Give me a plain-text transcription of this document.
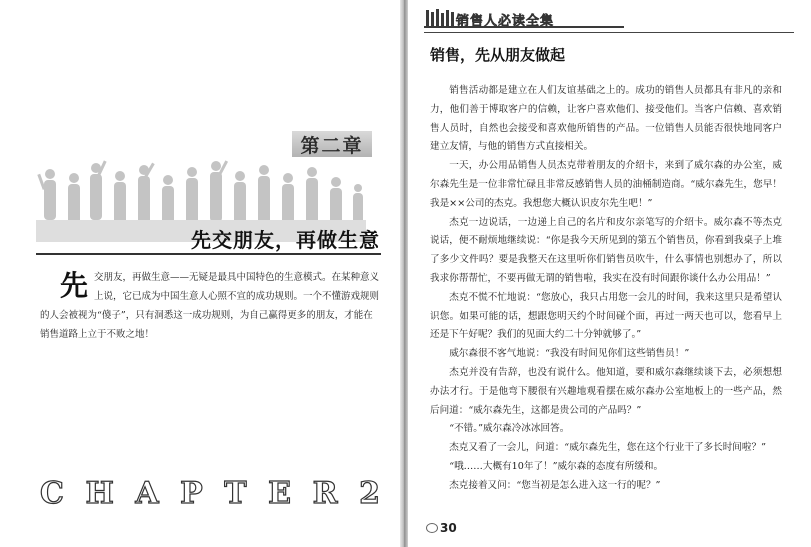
第二章
先交朋友，再做生意
先 交朋友，再做生意——无疑是最具中国特色的生意模式。在某种意义上说，它已成为中国生意人心照不宣的成功规则。一个不懂游戏规则的人会被视为“傻子”，只有洞悉这一成功规则，为自己赢得更多的朋友，才能在销售道路上立于不败之地！
C H A P T E R 2
销售人必读全集
销售，先从朋友做起

销售活动都是建立在人们友谊基础之上的。成功的销售人员都具有非凡的亲和力，他们善于博取客户的信赖，让客户喜欢他们、接受他们。当客户信赖、喜欢销售人员时，自然也会接受和喜欢他所销售的产品。一位销售人员能否很快地同客户建立友情，与他的销售方式直接相关。

一天，办公用品销售人员杰克带着朋友的介绍卡，来到了威尔森的办公室，威尔森先生是一位非常忙碌且非常反感销售人员的油桶制造商。“威尔森先生，您早！我是××公司的杰克。我想您大概认识皮尔先生吧！”

杰克一边说话，一边递上自己的名片和皮尔亲笔写的介绍卡。威尔森不等杰克说话，便不耐烦地继续说：“你是我今天所见到的第五个销售员，你看到我桌子上堆了多少文件吗？要是我整天在这里听你们销售员吹牛，什么事情也别想办了，所以我求你帮帮忙，不要再做无谓的销售啦，我实在没有时间跟你谈什么办公用品！”

杰克不慌不忙地说：“您放心，我只占用您一会儿的时间，我来这里只是希望认识您。如果可能的话，想跟您明天约个时间碰个面，再过一两天也可以，您看早上还是下午好呢？我们的见面大约二十分钟就够了。”

威尔森很不客气地说：“我没有时间见你们这些销售员！”

杰克并没有告辞，也没有说什么。他知道，要和威尔森继续谈下去，必须想想办法才行。于是他弯下腰很有兴趣地观看摆在威尔森办公室地板上的一些产品，然后问道：“威尔森先生，这都是贵公司的产品吗？”

“不错。”威尔森冷冰冰回答。

杰克又看了一会儿，问道：“威尔森先生，您在这个行业干了多长时间啦？”

“哦……大概有10年了！”威尔森的态度有所缓和。

杰克接着又问：“您当初是怎么进入这一行的呢？”

30
